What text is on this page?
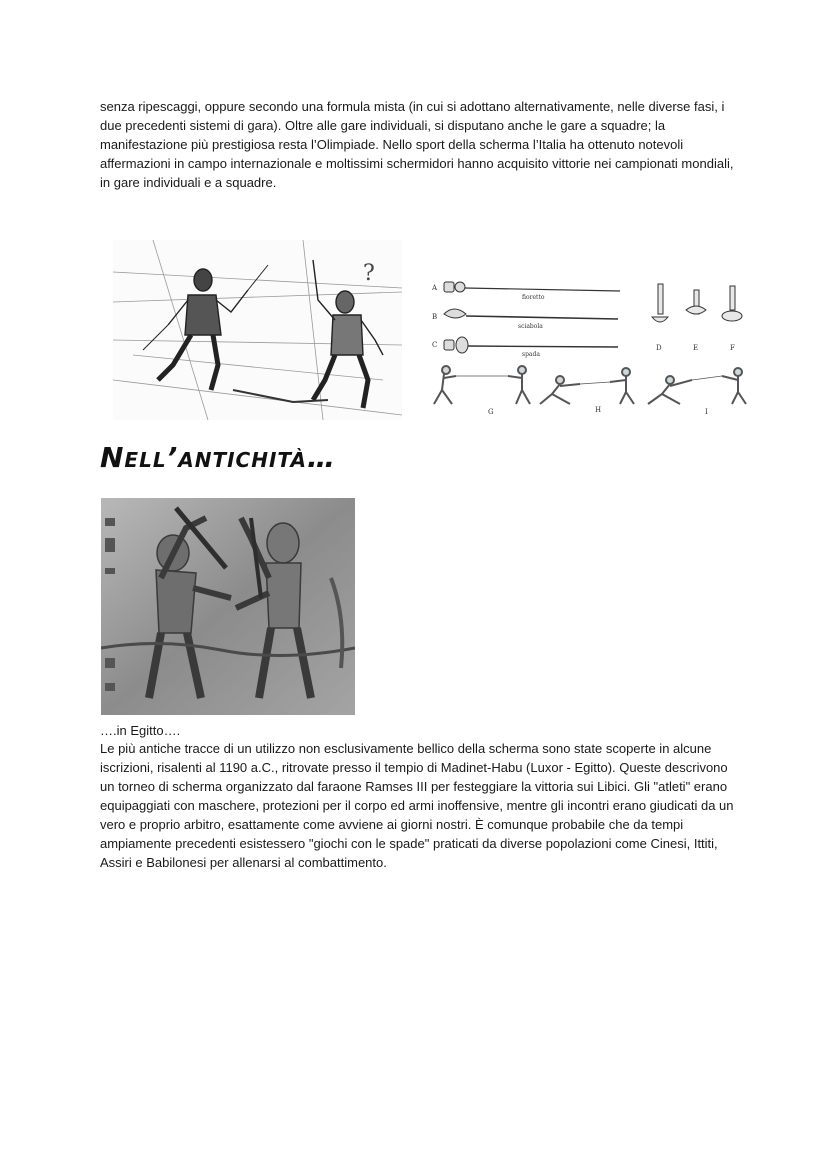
senza ripescaggi, oppure secondo una formula mista (in cui si adottano alternativamente, nelle diverse fasi, i due precedenti sistemi di gara). Oltre alle gare individuali, si disputano anche le gare a squadre; la manifestazione più prestigiosa resta l’Olimpiade. Nello sport della scherma l’Italia ha ottenuto notevoli affermazioni in campo internazionale e moltissimi schermidori hanno acquisito vittorie nei campionati mondiali, in gare individuali e a squadre.

?
A
B
C
fioretto
sciabola
spada
D	E	F
G	H	I
Nell’antichità…

….in Egitto….

Le più antiche tracce di un utilizzo non esclusivamente bellico della scherma sono state scoperte in alcune iscrizioni, risalenti al 1190 a.C., ritrovate presso il tempio di Madinet-Habu (Luxor - Egitto). Queste descrivono un torneo di scherma organizzato dal faraone Ramses III per festeggiare la vittoria sui Libici. Gli "atleti" erano equipaggiati con maschere, protezioni per il corpo ed armi inoffensive, mentre gli incontri erano giudicati da un vero e proprio arbitro, esattamente come avviene ai giorni nostri. È comunque probabile che da tempi ampiamente precedenti esistessero "giochi con le spade" praticati da diverse popolazioni come Cinesi, Ittiti, Assiri e Babilonesi per allenarsi al combattimento.
